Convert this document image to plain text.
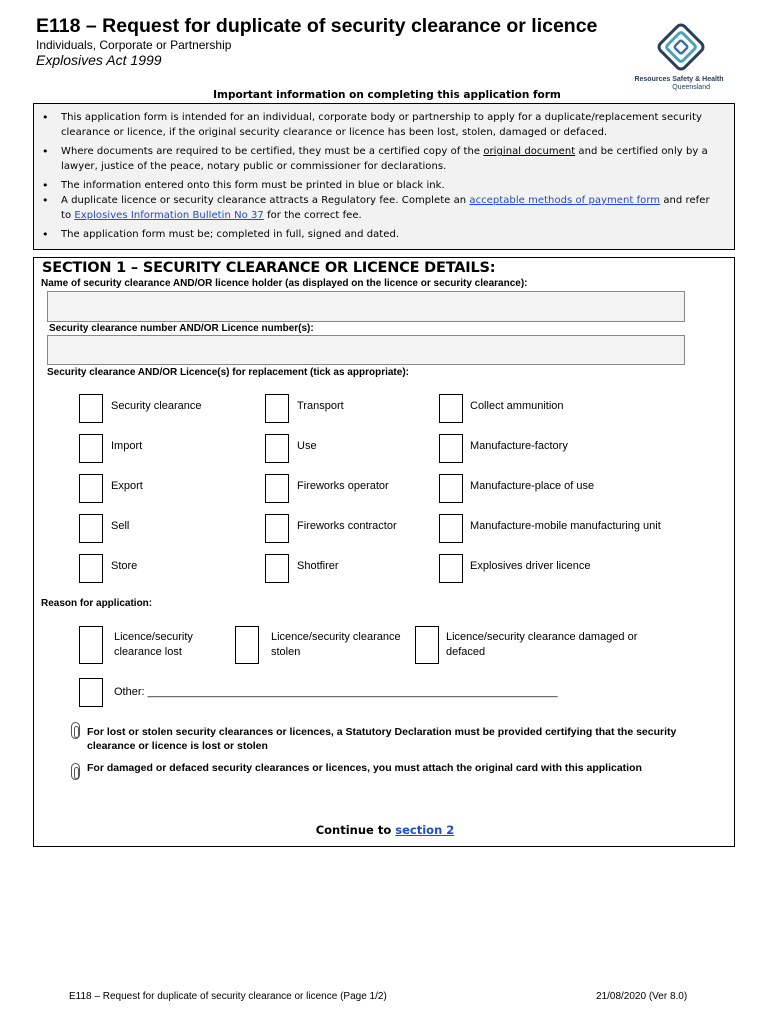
E118 – Request for duplicate of security clearance or licence
Individuals, Corporate or Partnership
Explosives Act 1999
Resources Safety & Health
Queensland
Important information on completing this application form
• This application form is intended for an individual, corporate body or partnership to apply for a duplicate/replacement security clearance or licence, if the original security clearance or licence has been lost, stolen, damaged or defaced.
• Where documents are required to be certified, they must be a certified copy of the original document and be certified only by a lawyer, justice of the peace, notary public or commissioner for declarations.
• The information entered onto this form must be printed in blue or black ink.
• A duplicate licence or security clearance attracts a Regulatory fee. Complete an acceptable methods of payment form and refer to Explosives Information Bulletin No 37 for the correct fee.
• The application form must be; completed in full, signed and dated.
SECTION 1 – SECURITY CLEARANCE OR LICENCE DETAILS:
Name of security clearance AND/OR licence holder (as displayed on the licence or security clearance):
Security clearance number AND/OR Licence number(s):
Security clearance AND/OR Licence(s) for replacement (tick as appropriate):
Security clearance
Import
Export
Sell
Store
Transport
Use
Fireworks operator
Fireworks contractor
Shotfirer
Collect ammunition
Manufacture-factory
Manufacture-place of use
Manufacture-mobile manufacturing unit
Explosives driver licence
Reason for application:
Licence/security clearance lost
Licence/security clearance stolen
Licence/security clearance damaged or defaced
Other: ___________________________________________________________________
For lost or stolen security clearances or licences, a Statutory Declaration must be provided certifying that the security clearance or licence is lost or stolen
For damaged or defaced security clearances or licences, you must attach the original card with this application
Continue to section 2
E118 – Request for duplicate of security clearance or licence (Page 1/2)	21/08/2020 (Ver 8.0)
